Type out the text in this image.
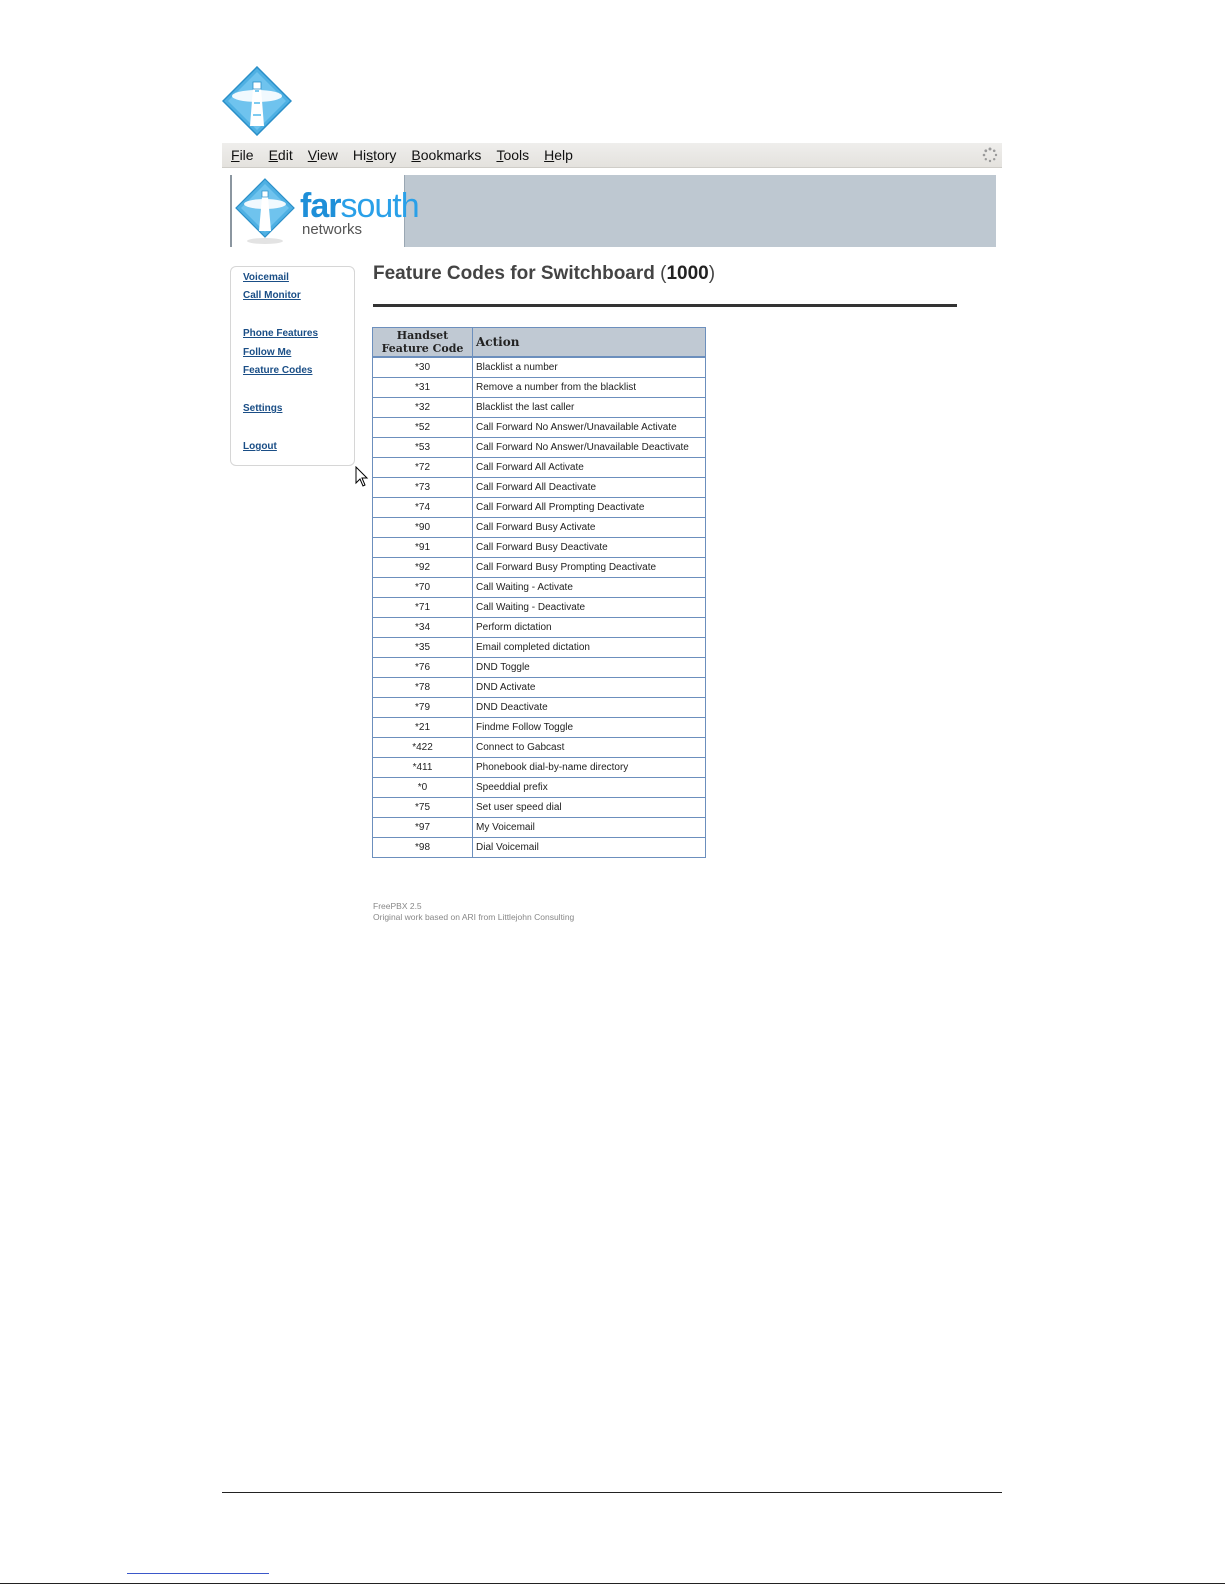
File Edit View History Bookmarks Tools Help
farsouth
networks
Voicemail
Call Monitor
Phone Features
Follow Me
Feature Codes
Settings
Logout
Feature Codes for Switchboard (1000)
Handset
Feature Code	Action
*30	Blacklist a number
*31	Remove a number from the blacklist
*32	Blacklist the last caller
*52	Call Forward No Answer/Unavailable Activate
*53	Call Forward No Answer/Unavailable Deactivate
*72	Call Forward All Activate
*73	Call Forward All Deactivate
*74	Call Forward All Prompting Deactivate
*90	Call Forward Busy Activate
*91	Call Forward Busy Deactivate
*92	Call Forward Busy Prompting Deactivate
*70	Call Waiting - Activate
*71	Call Waiting - Deactivate
*34	Perform dictation
*35	Email completed dictation
*76	DND Toggle
*78	DND Activate
*79	DND Deactivate
*21	Findme Follow Toggle
*422	Connect to Gabcast
*411	Phonebook dial-by-name directory
*0	Speeddial prefix
*75	Set user speed dial
*97	My Voicemail
*98	Dial Voicemail
FreePBX 2.5
Original work based on ARI from Littlejohn Consulting
